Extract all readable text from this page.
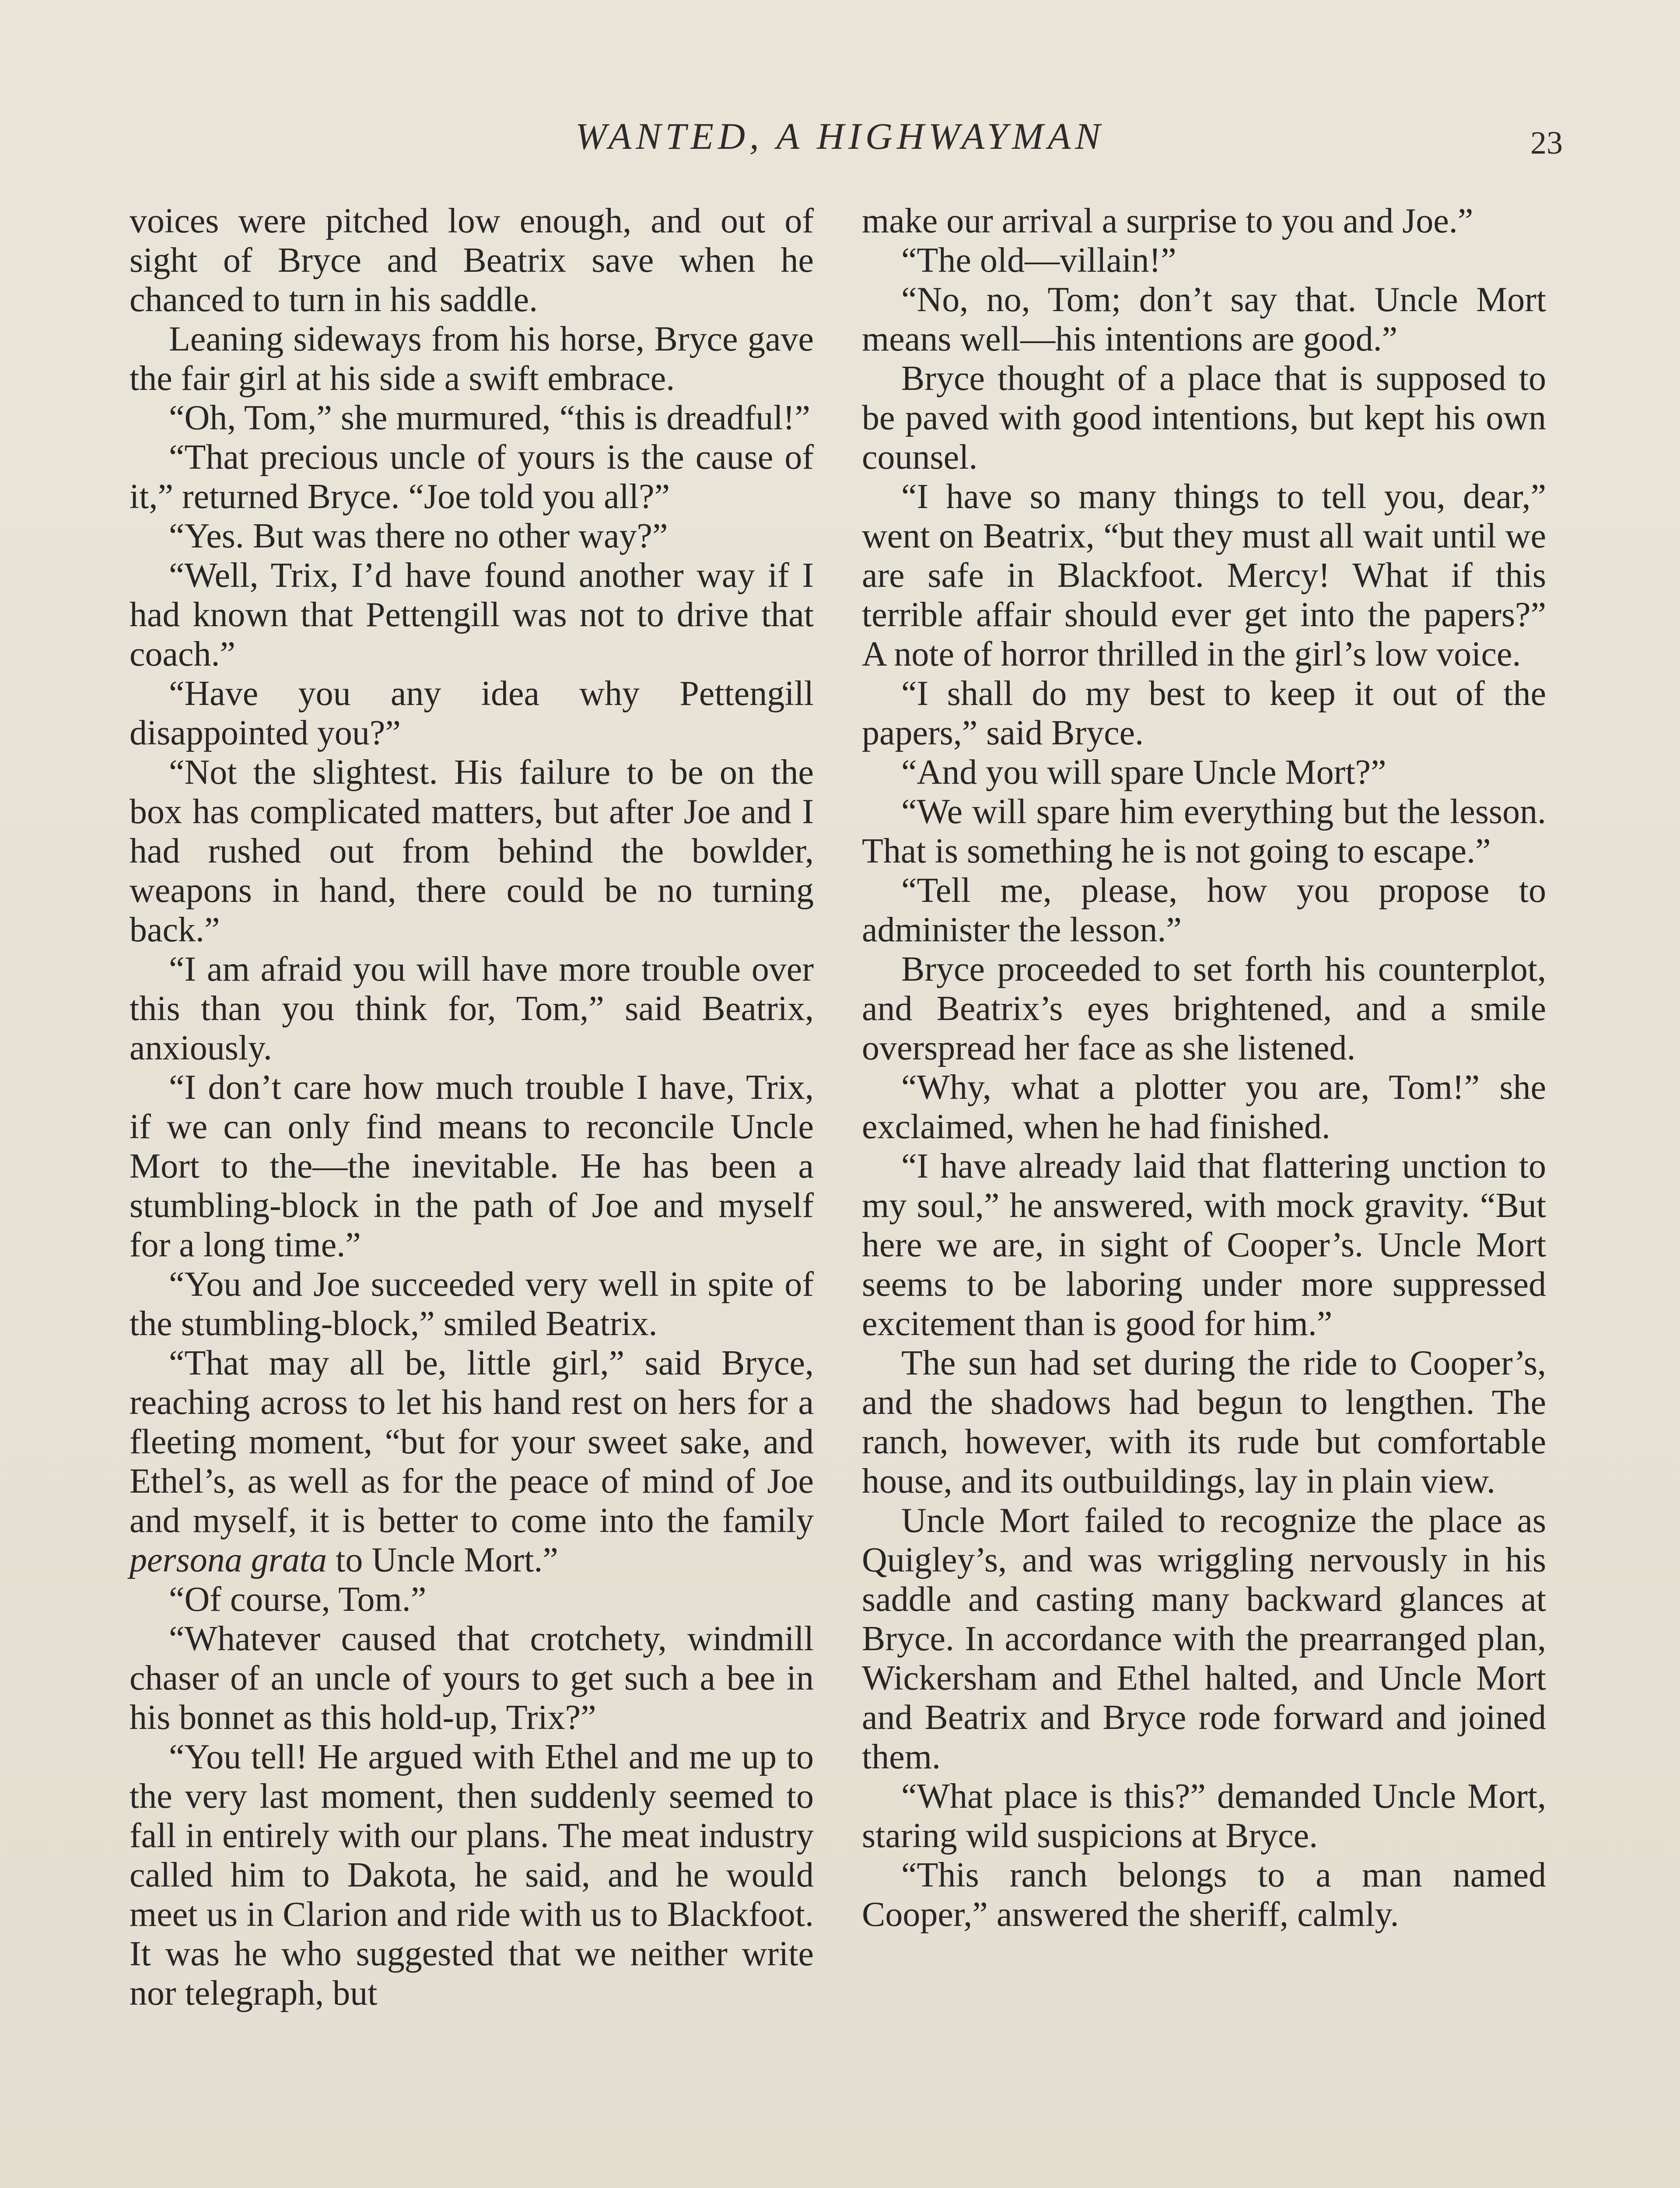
WANTED, A HIGHWAYMAN	23

voices were pitched low enough, and out of sight of Bryce and Beatrix save when he chanced to turn in his saddle.

Leaning sideways from his horse, Bryce gave the fair girl at his side a swift embrace.

“Oh, Tom,” she murmured, “this is dreadful!”

“That precious uncle of yours is the cause of it,” returned Bryce. “Joe told you all?”

“Yes. But was there no other way?”

“Well, Trix, I’d have found another way if I had known that Pettengill was not to drive that coach.”

“Have you any idea why Pettengill disappointed you?”

“Not the slightest. His failure to be on the box has complicated matters, but after Joe and I had rushed out from behind the bowlder, weapons in hand, there could be no turning back.”

“I am afraid you will have more trouble over this than you think for, Tom,” said Beatrix, anxiously.

“I don’t care how much trouble I have, Trix, if we can only find means to reconcile Uncle Mort to the—the inevitable. He has been a stumbling-block in the path of Joe and myself for a long time.”

“You and Joe succeeded very well in spite of the stumbling-block,” smiled Beatrix.

“That may all be, little girl,” said Bryce, reaching across to let his hand rest on hers for a fleeting moment, “but for your sweet sake, and Ethel’s, as well as for the peace of mind of Joe and myself, it is better to come into the family persona grata to Uncle Mort.”

“Of course, Tom.”

“Whatever caused that crotchety, windmill chaser of an uncle of yours to get such a bee in his bonnet as this hold-up, Trix?”

“You tell! He argued with Ethel and me up to the very last moment, then suddenly seemed to fall in entirely with our plans. The meat industry called him to Dakota, he said, and he would meet us in Clarion and ride with us to Blackfoot. It was he who suggested that we neither write nor telegraph, but

make our arrival a surprise to you and Joe.”

“The old—villain!”

“No, no, Tom; don’t say that. Uncle Mort means well—his intentions are good.”

Bryce thought of a place that is supposed to be paved with good intentions, but kept his own counsel.

“I have so many things to tell you, dear,” went on Beatrix, “but they must all wait until we are safe in Blackfoot. Mercy! What if this terrible affair should ever get into the papers?” A note of horror thrilled in the girl’s low voice.

“I shall do my best to keep it out of the papers,” said Bryce.

“And you will spare Uncle Mort?”

“We will spare him everything but the lesson. That is something he is not going to escape.”

“Tell me, please, how you propose to administer the lesson.”

Bryce proceeded to set forth his counterplot, and Beatrix’s eyes brightened, and a smile overspread her face as she listened.

“Why, what a plotter you are, Tom!” she exclaimed, when he had finished.

“I have already laid that flattering unction to my soul,” he answered, with mock gravity. “But here we are, in sight of Cooper’s. Uncle Mort seems to be laboring under more suppressed excitement than is good for him.”

The sun had set during the ride to Cooper’s, and the shadows had begun to lengthen. The ranch, however, with its rude but comfortable house, and its outbuildings, lay in plain view.

Uncle Mort failed to recognize the place as Quigley’s, and was wriggling nervously in his saddle and casting many backward glances at Bryce. In accordance with the prearranged plan, Wickersham and Ethel halted, and Uncle Mort and Beatrix and Bryce rode forward and joined them.

“What place is this?” demanded Uncle Mort, staring wild suspicions at Bryce.

“This ranch belongs to a man named Cooper,” answered the sheriff, calmly.
